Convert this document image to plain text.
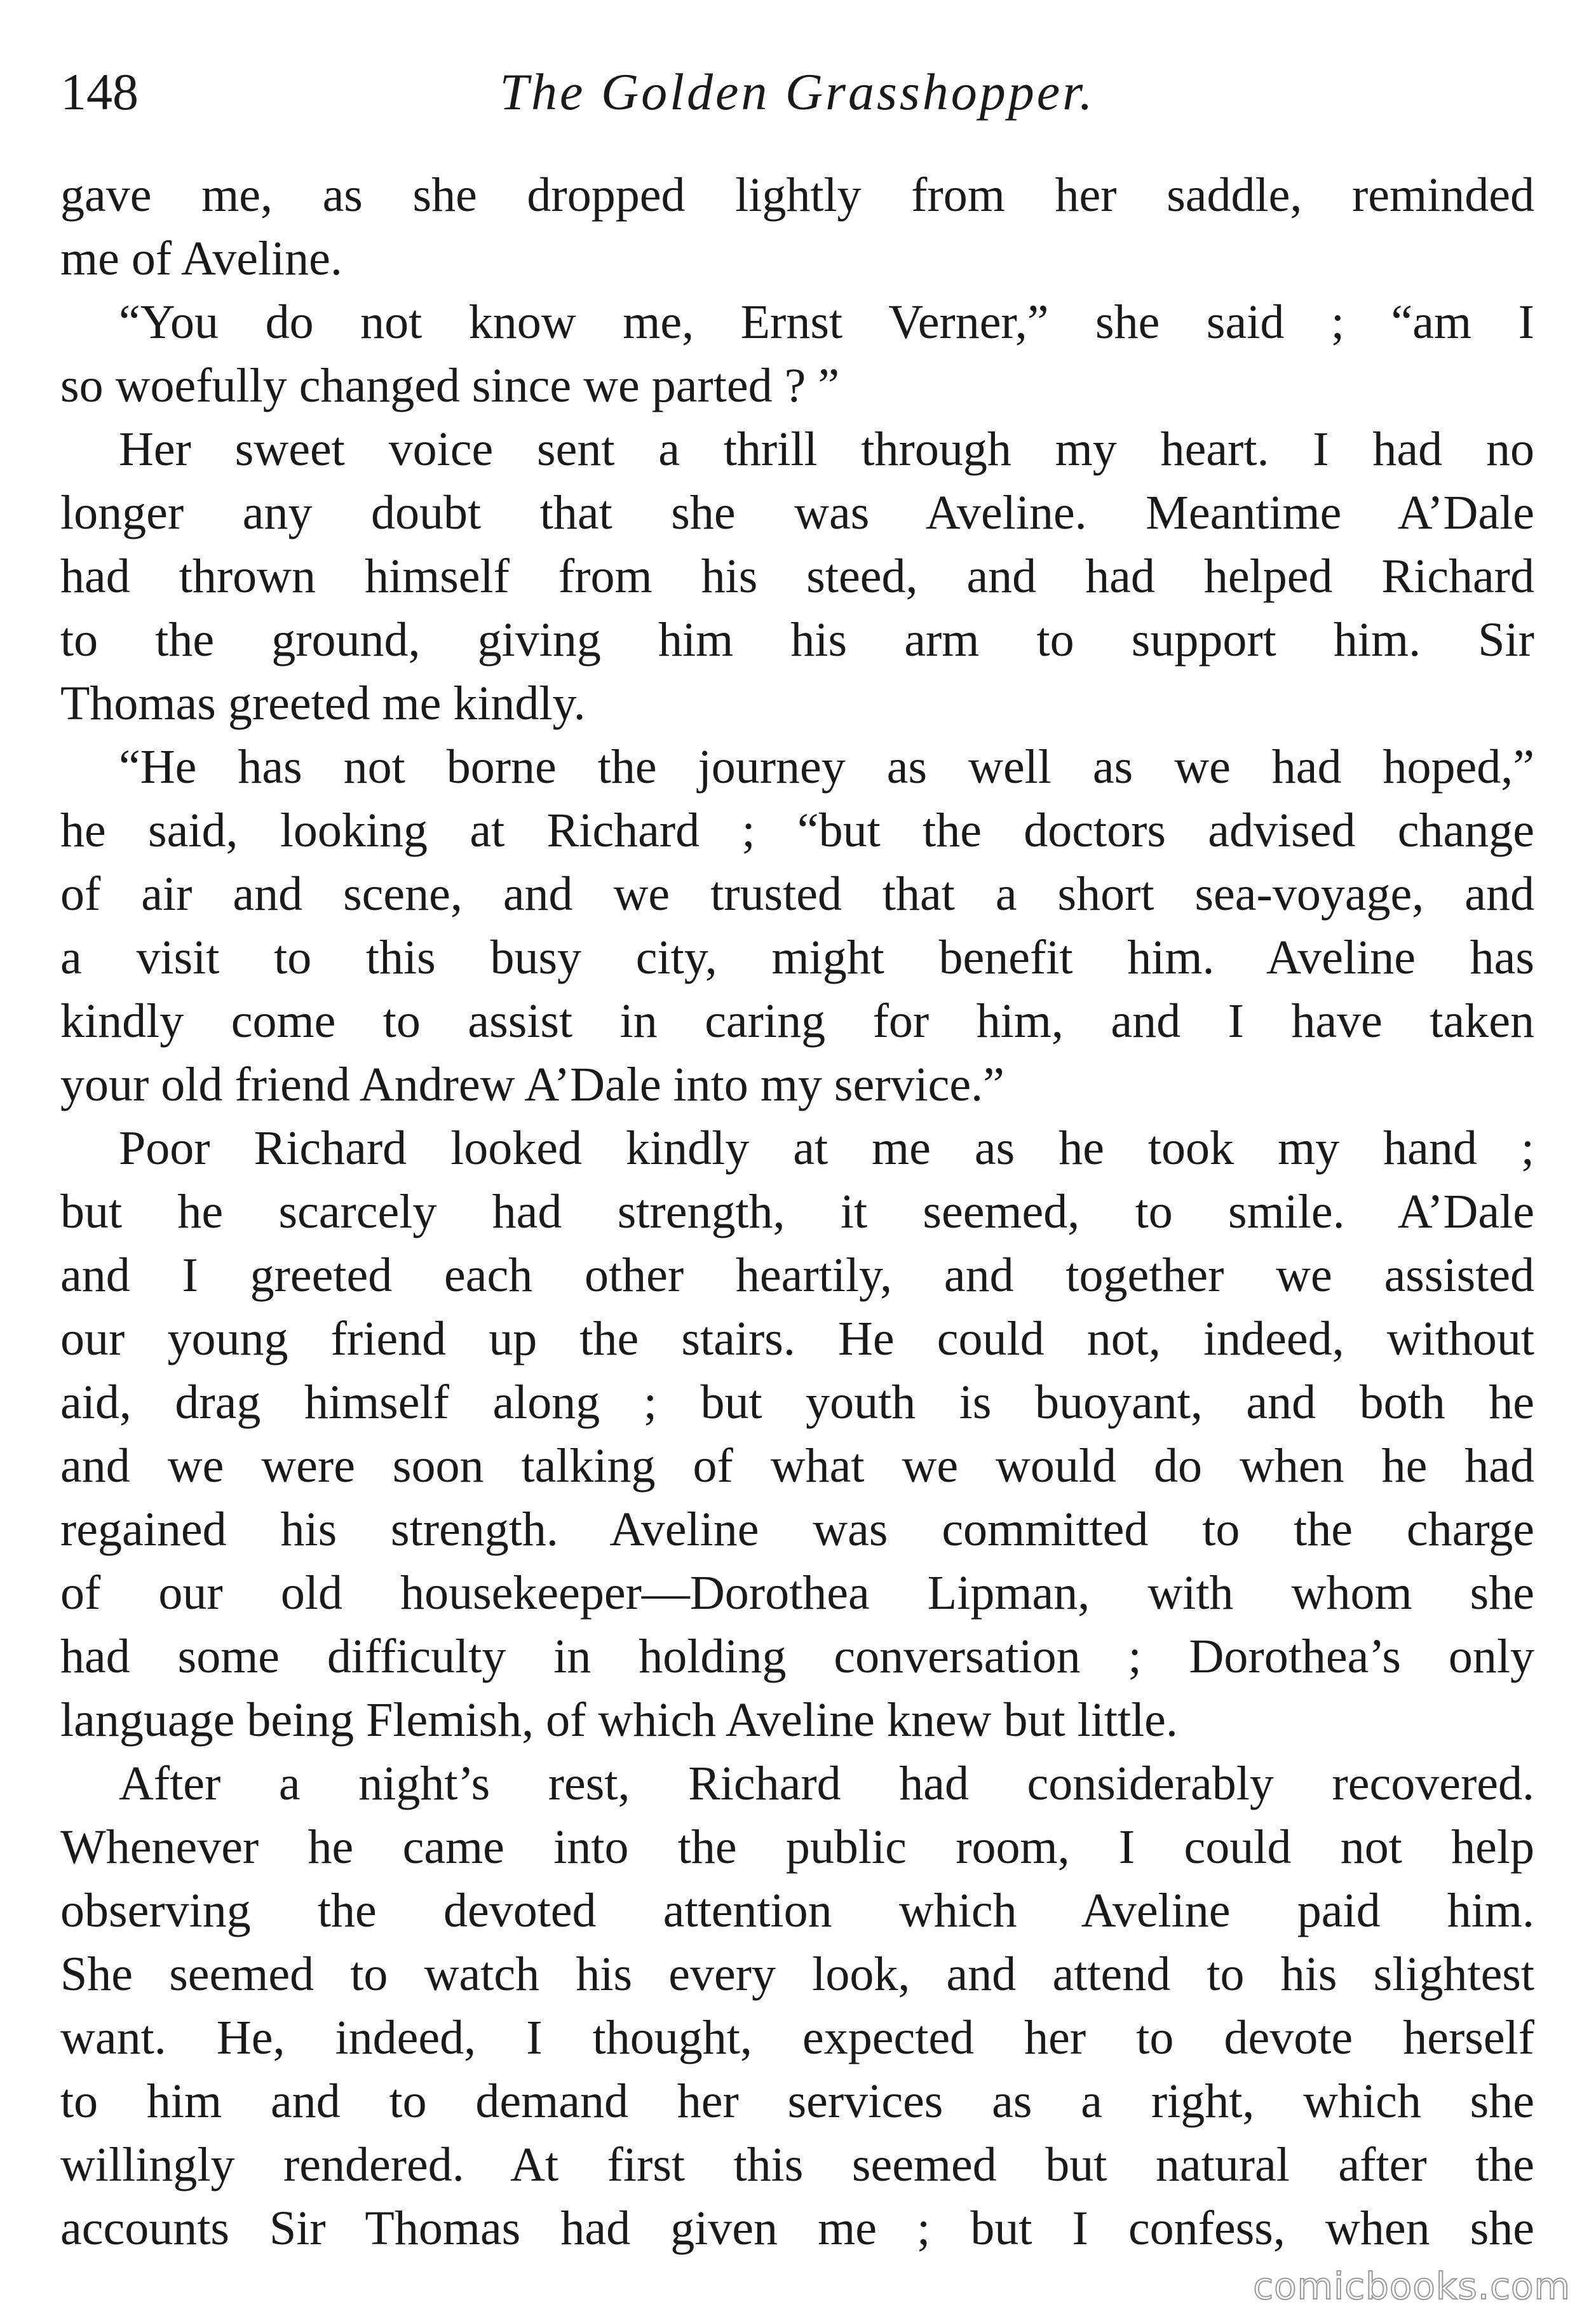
148	The Golden Grasshopper.
gave me, as she dropped lightly from her saddle, reminded
me of Aveline.
“You do not know me, Ernst Verner,” she said ; “am I
so woefully changed since we parted ? ”
Her sweet voice sent a thrill through my heart. I had no
longer any doubt that she was Aveline. Meantime A’Dale
had thrown himself from his steed, and had helped Richard
to the ground, giving him his arm to support him. Sir
Thomas greeted me kindly.
“He has not borne the journey as well as we had hoped,”
he said, looking at Richard ; “but the doctors advised change
of air and scene, and we trusted that a short sea-voyage, and
a visit to this busy city, might benefit him. Aveline has
kindly come to assist in caring for him, and I have taken
your old friend Andrew A’Dale into my service.”
Poor Richard looked kindly at me as he took my hand ;
but he scarcely had strength, it seemed, to smile. A’Dale
and I greeted each other heartily, and together we assisted
our young friend up the stairs. He could not, indeed, without
aid, drag himself along ; but youth is buoyant, and both he
and we were soon talking of what we would do when he had
regained his strength. Aveline was committed to the charge
of our old housekeeper—Dorothea Lipman, with whom she
had some difficulty in holding conversation ; Dorothea’s only
language being Flemish, of which Aveline knew but little.
After a night’s rest, Richard had considerably recovered.
Whenever he came into the public room, I could not help
observing the devoted attention which Aveline paid him.
She seemed to watch his every look, and attend to his slightest
want. He, indeed, I thought, expected her to devote herself
to him and to demand her services as a right, which she
willingly rendered. At first this seemed but natural after the
accounts Sir Thomas had given me ; but I confess, when she
comicbooks.com
